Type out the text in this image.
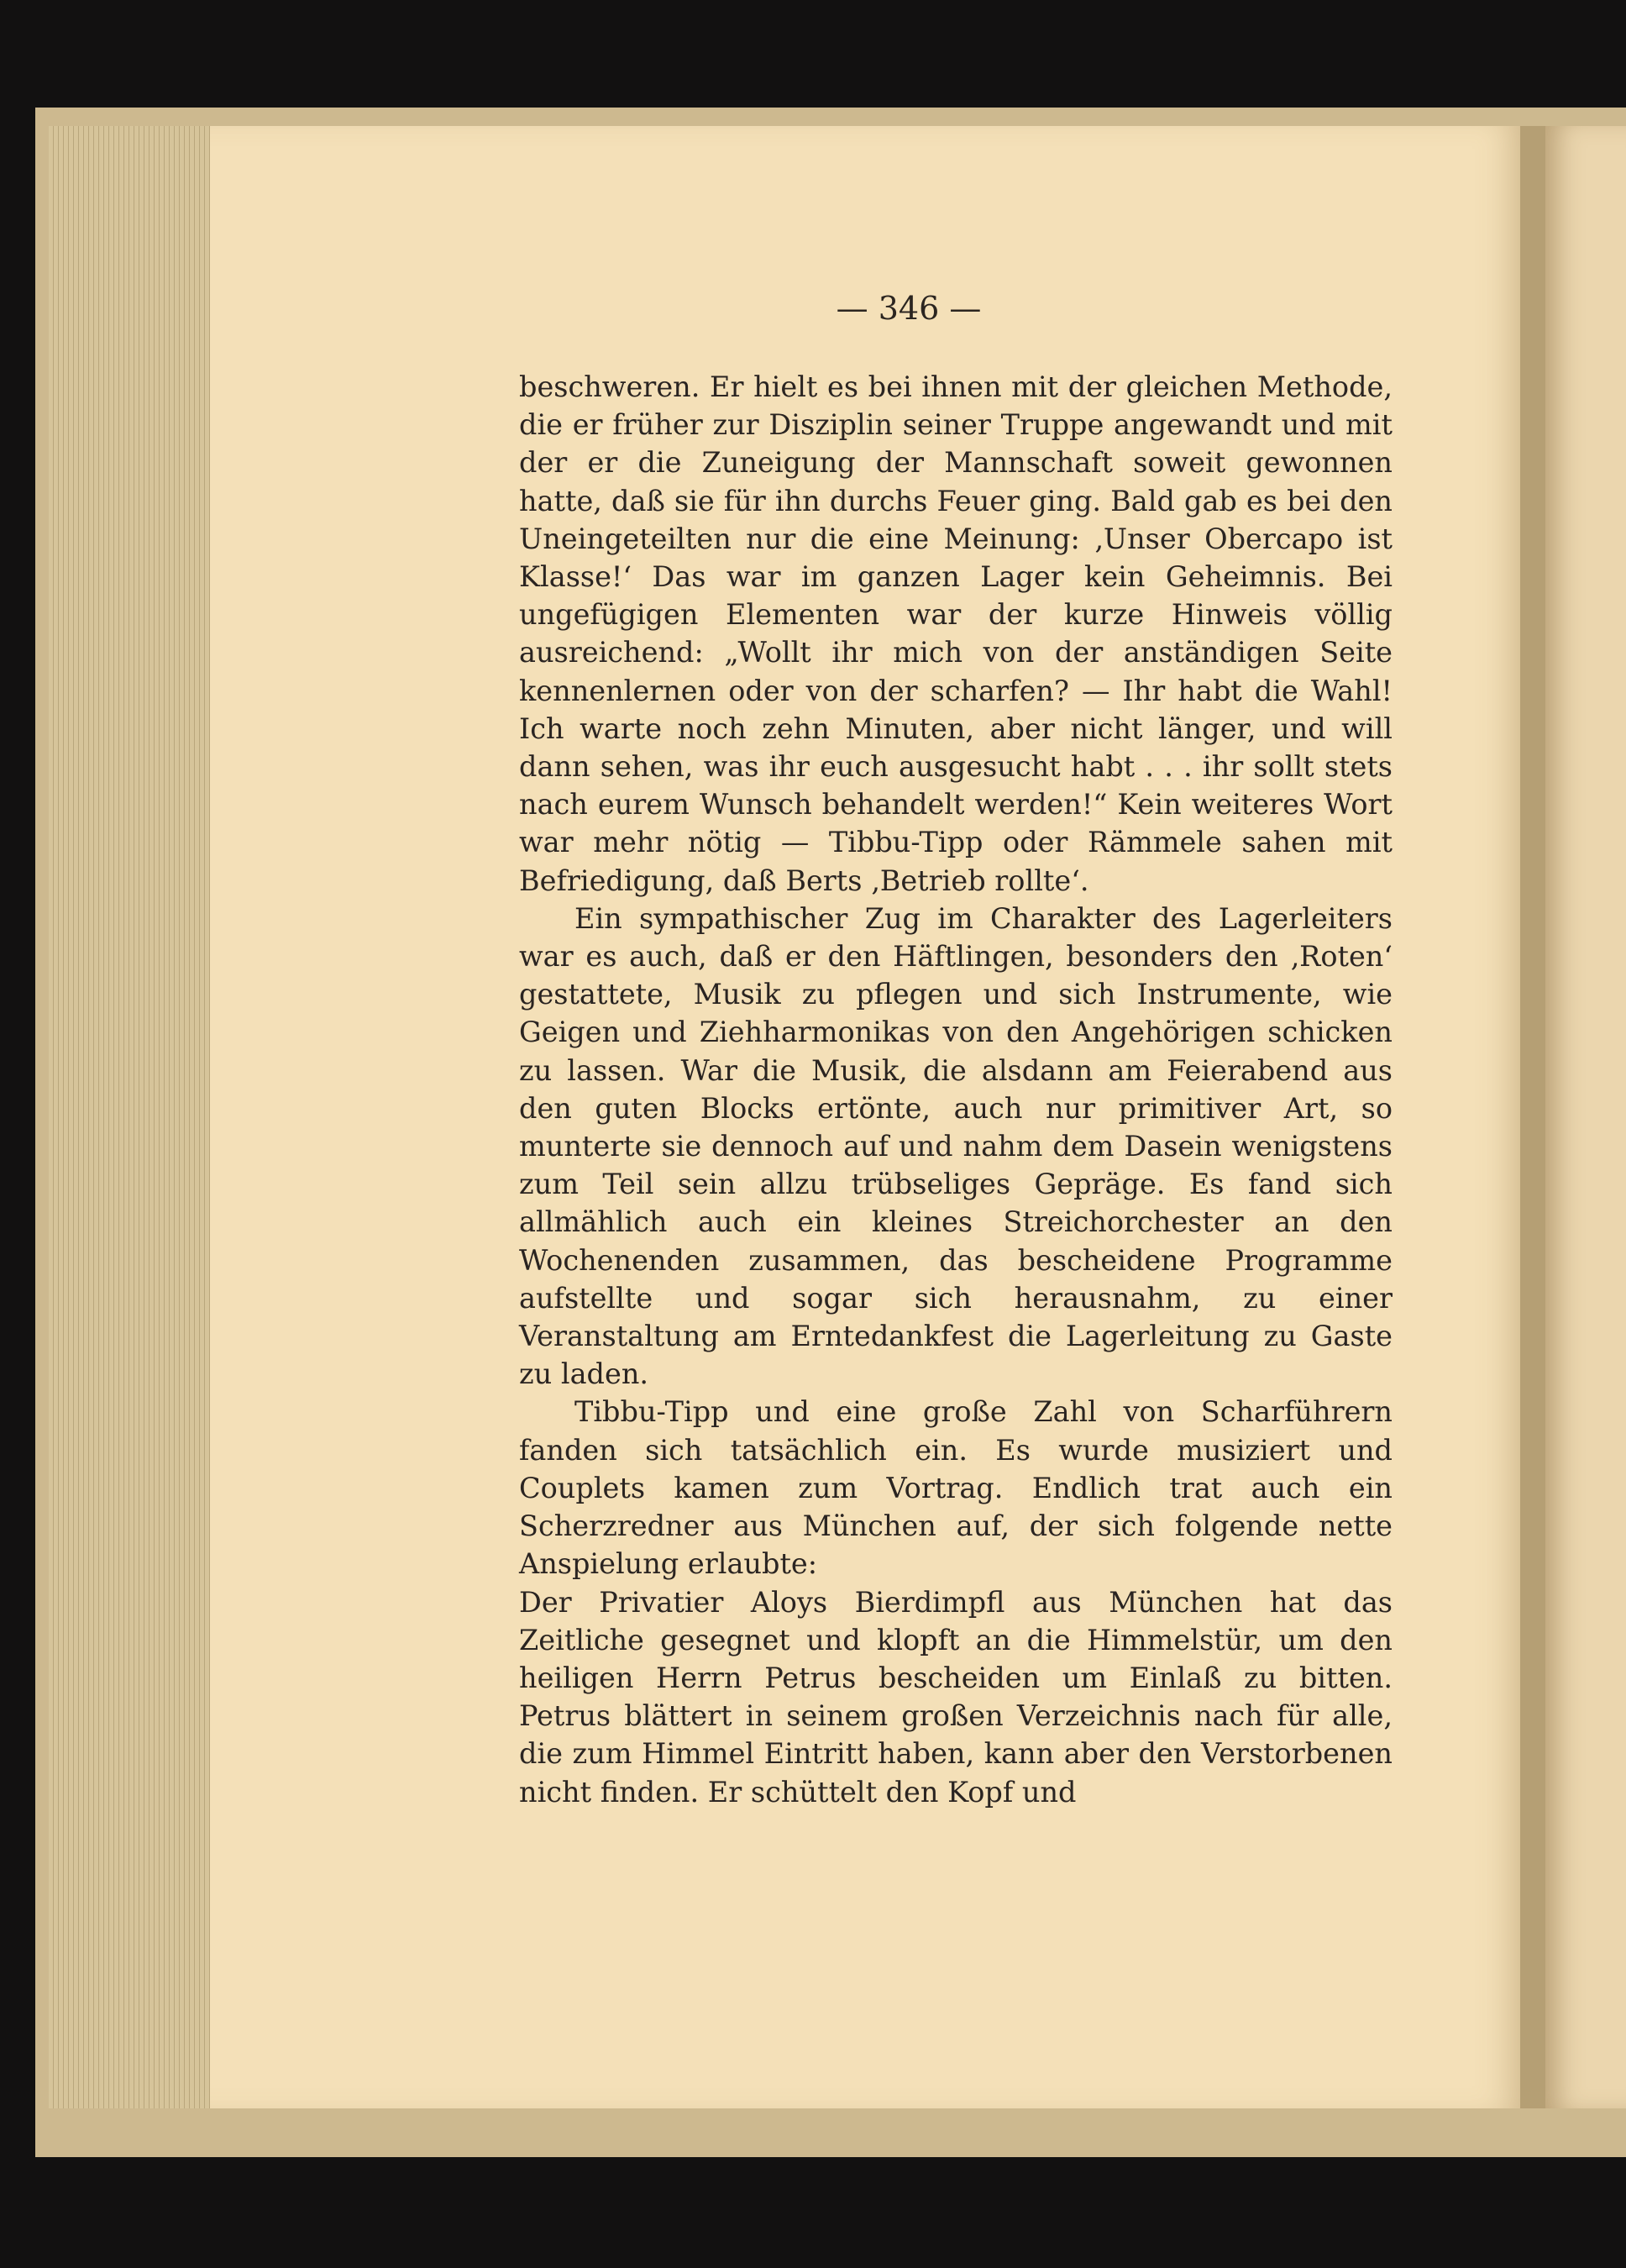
— 346 —

beschweren. Er hielt es bei ihnen mit der gleichen Methode, die er früher zur Disziplin seiner Truppe angewandt und mit der er die Zuneigung der Mannschaft soweit gewonnen hatte, daß sie für ihn durchs Feuer ging. Bald gab es bei den Uneingeteilten nur die eine Meinung: ‚Unser Obercapo ist Klasse!‘ Das war im ganzen Lager kein Geheimnis. Bei ungefügigen Elementen war der kurze Hinweis völlig ausreichend: „Wollt ihr mich von der anständigen Seite kennenlernen oder von der scharfen? — Ihr habt die Wahl! Ich warte noch zehn Minuten, aber nicht länger, und will dann sehen, was ihr euch ausgesucht habt . . . ihr sollt stets nach eurem Wunsch behandelt werden!“ Kein weiteres Wort war mehr nötig — Tibbu-Tipp oder Rämmele sahen mit Befriedigung, daß Berts ‚Betrieb rollte‘.

Ein sympathischer Zug im Charakter des Lagerleiters war es auch, daß er den Häftlingen, besonders den ‚Roten‘ gestattete, Musik zu pflegen und sich Instrumente, wie Geigen und Ziehharmonikas von den Angehörigen schicken zu lassen. War die Musik, die alsdann am Feierabend aus den guten Blocks ertönte, auch nur primitiver Art, so munterte sie dennoch auf und nahm dem Dasein wenigstens zum Teil sein allzu trübseliges Gepräge. Es fand sich allmählich auch ein kleines Streichorchester an den Wochenenden zusammen, das bescheidene Programme aufstellte und sogar sich herausnahm, zu einer Veranstaltung am Erntedankfest die Lagerleitung zu Gaste zu laden.

Tibbu-Tipp und eine große Zahl von Scharführern fanden sich tatsächlich ein. Es wurde musiziert und Couplets kamen zum Vortrag. Endlich trat auch ein Scherzredner aus München auf, der sich folgende nette Anspielung erlaubte:

Der Privatier Aloys Bierdimpfl aus München hat das Zeitliche gesegnet und klopft an die Himmelstür, um den heiligen Herrn Petrus bescheiden um Einlaß zu bitten. Petrus blättert in seinem großen Verzeichnis nach für alle, die zum Himmel Eintritt haben, kann aber den Verstorbenen nicht finden. Er schüttelt den Kopf und
